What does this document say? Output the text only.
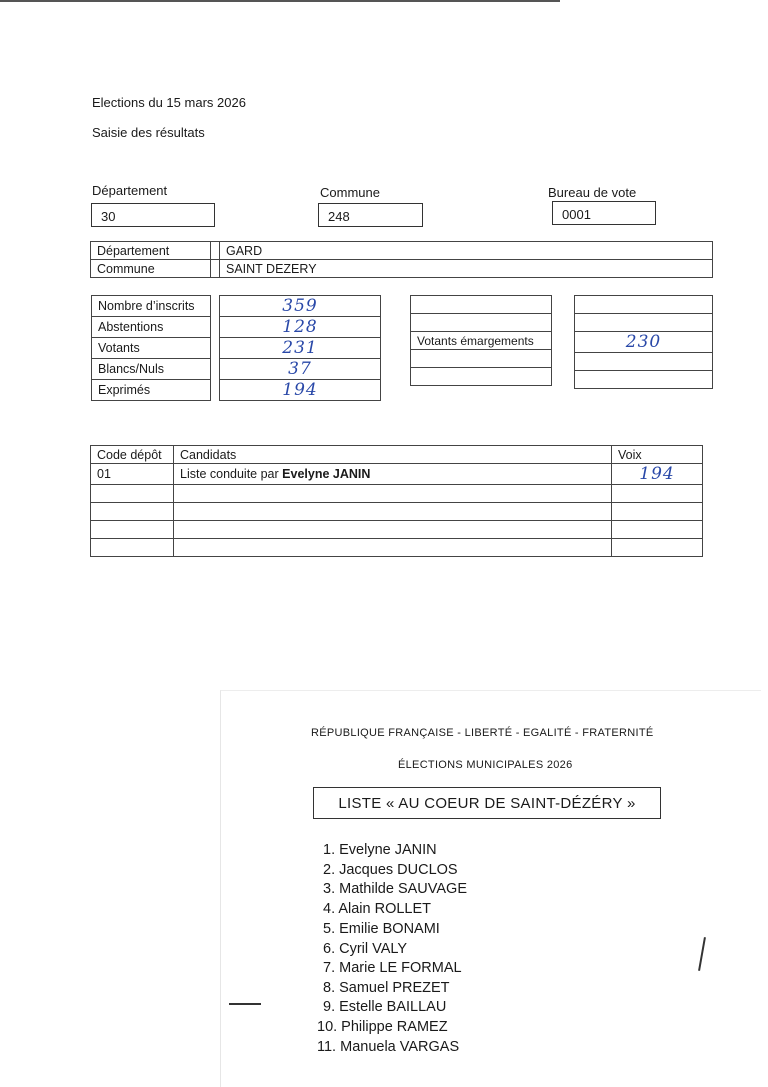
Elections du 15 mars 2026
Saisie des résultats
Département
30
Commune
248
Bureau de vote
0001
Département		GARD
Commune		SAINT DEZERY
Nombre d’inscrits		359
Abstentions		128
Votants		231
Blancs/Nuls		37
Exprimés		194

Votants émargements	230

Code dépôt	Candidats	Voix
01	Liste conduite par Evelyne JANIN	194

RÉPUBLIQUE FRANÇAISE - LIBERTÉ - EGALITÉ - FRATERNITÉ
ÉLECTIONS MUNICIPALES 2026
LISTE « AU COEUR DE SAINT-DÉZÉRY »
1. Evelyne JANIN
2. Jacques DUCLOS
3. Mathilde SAUVAGE
4. Alain ROLLET
5. Emilie BONAMI
6. Cyril VALY
7. Marie LE FORMAL
8. Samuel PREZET
9. Estelle BAILLAU
10. Philippe RAMEZ
11. Manuela VARGAS
